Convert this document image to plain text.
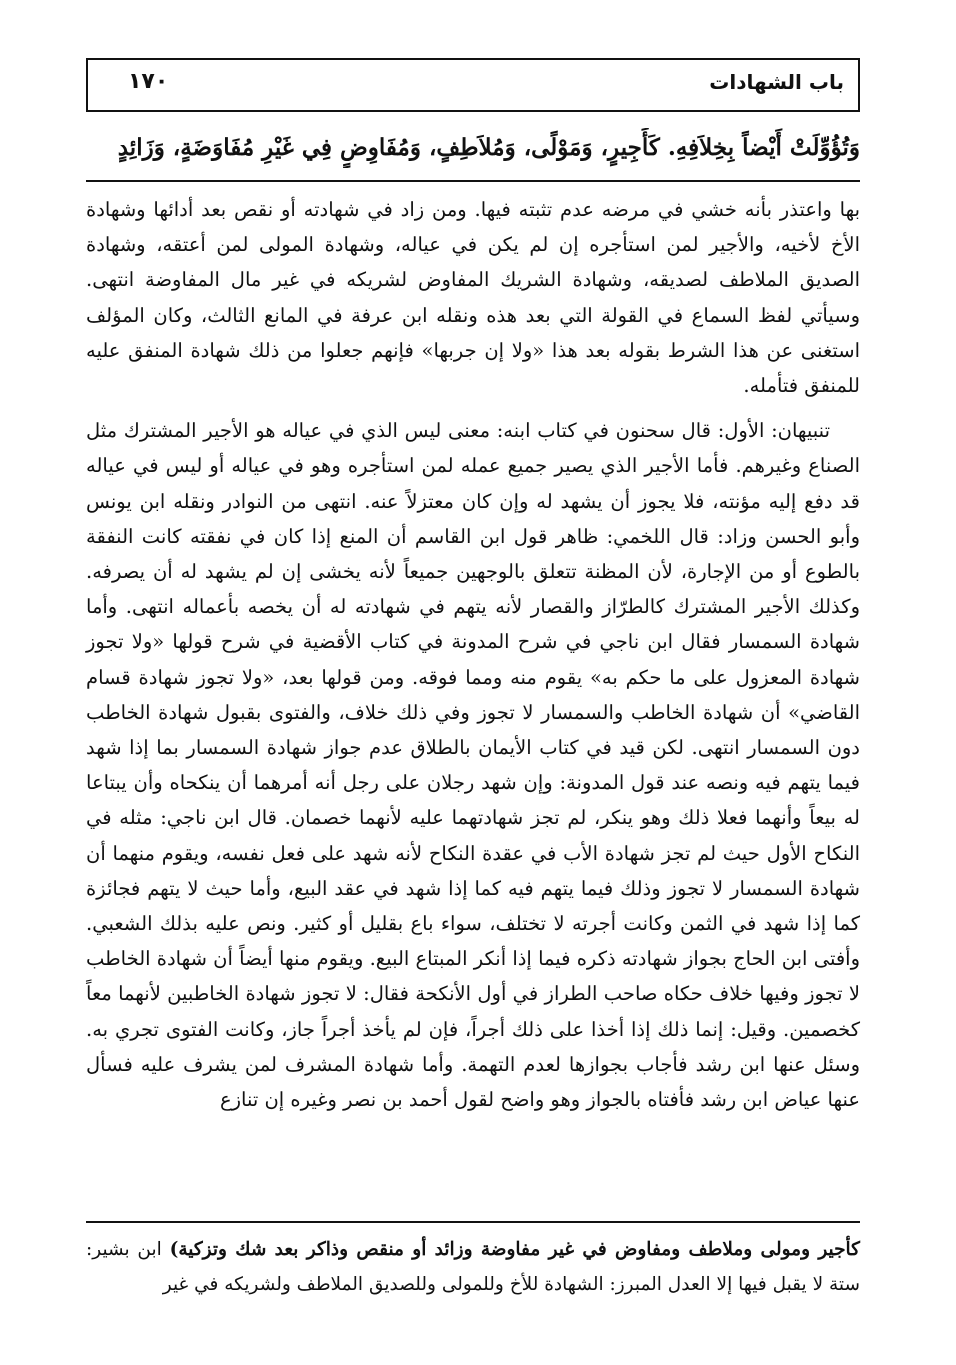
باب الشهادات
١٧٠
وَتُؤُوِّلَتْ أَيْضاً بِخِلاَفِهِ. كَأَجِيرٍ، وَمَوْلًى، وَمُلاَطِفٍ، وَمُفَاوِضٍ فِي غَيْرِ مُفَاوَضَةٍ، وَزَائِدٍ

بها واعتذر بأنه خشي في مرضه عدم تثبته فيها. ومن زاد في شهادته أو نقص بعد أدائها وشهادة الأخ لأخيه، والأجير لمن استأجره إن لم يكن في عياله، وشهادة المولى لمن أعتقه، وشهادة الصديق الملاطف لصديقه، وشهادة الشريك المفاوض لشريكه في غير مال المفاوضة انتهى. وسيأتي لفظ السماع في القولة التي بعد هذه ونقله ابن عرفة في المانع الثالث، وكان المؤلف استغنى عن هذا الشرط بقوله بعد هذا «ولا إن جربها» فإنهم جعلوا من ذلك شهادة المنفق عليه للمنفق فتأمله.

تنبيهان: الأول: قال سحنون في كتاب ابنه: معنى ليس الذي في عياله هو الأجير المشترك مثل الصناع وغيرهم. فأما الأجير الذي يصير جميع عمله لمن استأجره وهو في عياله أو ليس في عياله قد دفع إليه مؤنته، فلا يجوز أن يشهد له وإن كان معتزلاً عنه. انتهى من النوادر ونقله ابن يونس وأبو الحسن وزاد: قال اللخمي: ظاهر قول ابن القاسم أن المنع إذا كان في نفقته كانت النفقة بالطوع أو من الإجارة، لأن المظنة تتعلق بالوجهين جميعاً لأنه يخشى إن لم يشهد له أن يصرفه. وكذلك الأجير المشترك كالطرّاز والقصار لأنه يتهم في شهادته له أن يخصه بأعماله انتهى. وأما شهادة السمسار فقال ابن ناجي في شرح المدونة في كتاب الأقضية في شرح قولها «ولا تجوز شهادة المعزول على ما حكم به» يقوم منه ومما فوقه. ومن قولها بعد، «ولا تجوز شهادة قسام القاضي» أن شهادة الخاطب والسمسار لا تجوز وفي ذلك خلاف، والفتوى بقبول شهادة الخاطب دون السمسار انتهى. لكن قيد في كتاب الأيمان بالطلاق عدم جواز شهادة السمسار بما إذا شهد فيما يتهم فيه ونصه عند قول المدونة: وإن شهد رجلان على رجل أنه أمرهما أن ينكحاه وأن يبتاعا له بيعاً وأنهما فعلا ذلك وهو ينكر، لم تجز شهادتهما عليه لأنهما خصمان. قال ابن ناجي: مثله في النكاح الأول حيث لم تجز شهادة الأب في عقدة النكاح لأنه شهد على فعل نفسه، ويقوم منهما أن شهادة السمسار لا تجوز وذلك فيما يتهم فيه كما إذا شهد في عقد البيع، وأما حيث لا يتهم فجائزة كما إذا شهد في الثمن وكانت أجرته لا تختلف، سواء باع بقليل أو كثير. ونص عليه بذلك الشعبي. وأفتى ابن الحاج بجواز شهادته ذكره فيما إذا أنكر المبتاع البيع. ويقوم منها أيضاً أن شهادة الخاطب لا تجوز وفيها خلاف حكاه صاحب الطراز في أول الأنكحة فقال: لا تجوز شهادة الخاطبين لأنهما معاً كخصمين. وقيل: إنما ذلك إذا أخذا على ذلك أجراً، فإن لم يأخذ أجراً جاز، وكانت الفتوى تجري به. وسئل عنها ابن رشد فأجاب بجوازها لعدم التهمة. وأما شهادة المشرف لمن يشرف عليه فسأل عنها عياض ابن رشد فأفتاه بالجواز وهو واضح لقول أحمد بن نصر وغيره إن تنازع

كأجير ومولى وملاطف ومفاوض في غير مفاوضة وزائد أو منقص وذاكر بعد شك وتزكية) ابن بشير: ستة لا يقبل فيها إلا العدل المبرز: الشهادة للأخ وللمولى وللصديق الملاطف ولشريكه في غير
